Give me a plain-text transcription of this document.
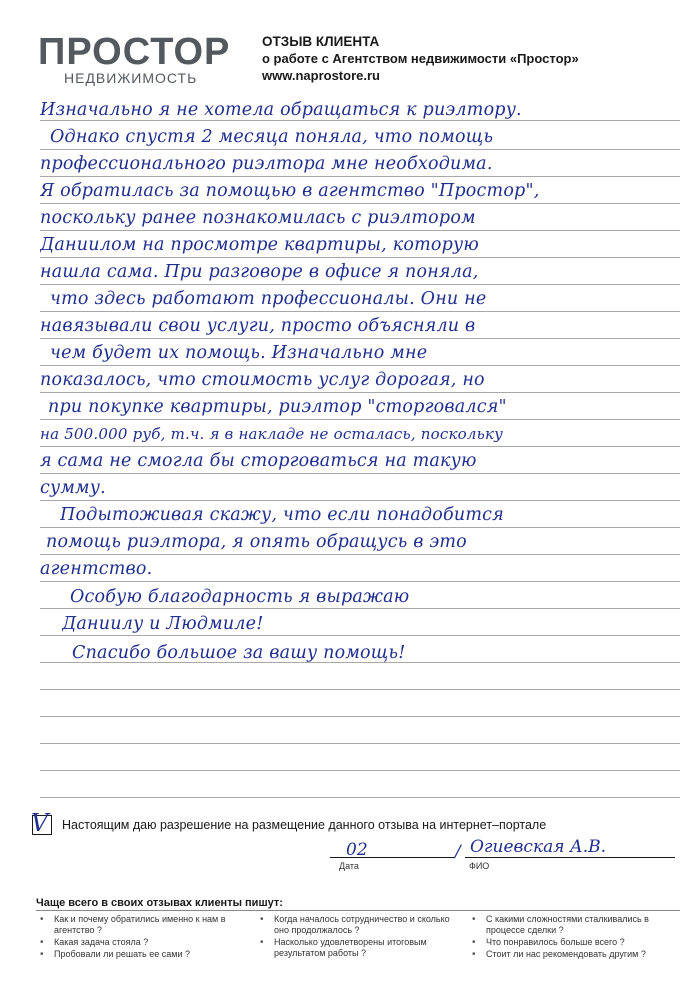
ПРОСТОР
НЕДВИЖИМОСТЬ
ОТЗЫВ КЛИЕНТА
о работе с Агентством недвижимости «Простор»
www.naprostore.ru
Изначально я не хотела обращаться к риэлтору.
Однако спустя 2 месяца поняла, что помощь
профессионального риэлтора мне необходима.
Я обратилась за помощью в агентство "Простор",
поскольку ранее познакомилась с риэлтором
Даниилом на просмотре квартиры, которую
нашла сама. При разговоре в офисе я поняла,
что здесь работают профессионалы. Они не
навязывали свои услуги, просто объясняли в
чем будет их помощь. Изначально мне
показалось, что стоимость услуг дорогая, но
при покупке квартиры, риэлтор "сторговался"
на 500.000 руб, т.ч. я в накладе не осталась, поскольку
я сама не смогла бы сторговаться на такую
сумму.
Подытоживая скажу, что если понадобится
помощь риэлтора, я опять обращусь в это
агентство.
Особую благодарность я выражаю
Даниилу и Людмиле!
Спасибо большое за вашу помощь!
V Настоящим даю разрешение на размещение данного отзыва на интернет–портале
02
Дата
/ Огиевская А.В.
ФИО
Чаще всего в своих отзывах клиенты пишут:
• Как и почему обратились именно к нам в агентство ?
• Какая задача стояла ?
• Пробовали ли решать ее сами ?
• Когда началось сотрудничество и сколько оно продолжалось ?
• Насколько удовлетворены итоговым результатом работы ?
• С какими сложностями сталкивались в процессе сделки ?
• Что понравилось больше всего ?
• Стоит ли нас рекомендовать другим ?
